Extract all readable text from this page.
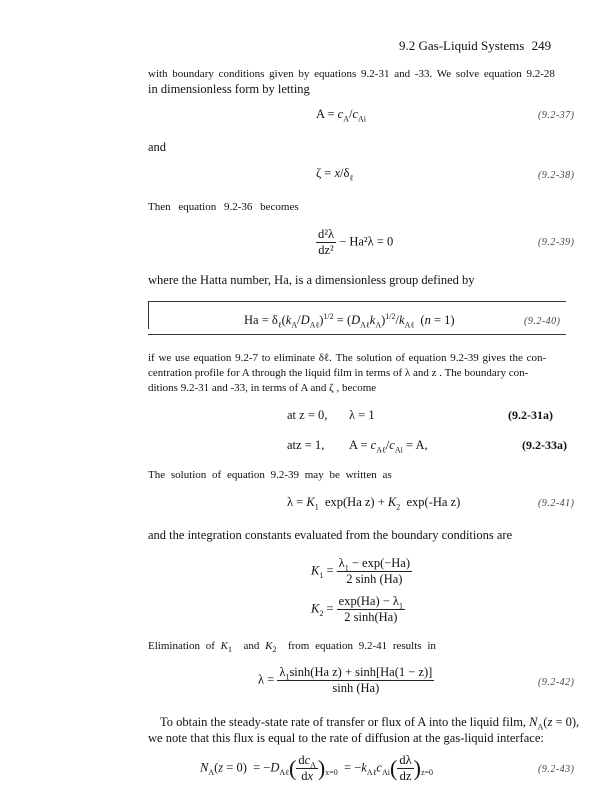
9.2 Gas-Liquid Systems 249
with boundary conditions given by equations 9.2-31 and -33. We solve equation 9.2-28
in dimensionless form by letting
$A = c_A/c_{Ai}$	(9.2-37)
and
$\zeta = x/\delta_\ell$	(9.2-38)
Then equation 9.2-36 becomes
$\frac{\text{d²λ}}{\text{dz²}} - Ha^2\lambda = 0$	(9.2-39)
where the Hatta number, Ha, is a dimensionless group defined by
$Ha = \delta_\ell(k_A/D_{A\ell})^{1/2} = (D_{A\ell}k_A)^{1/2}/k_{A\ell}$  (n = 1)	(9.2-40)
if we use equation 9.2-7 to eliminate δℓ. The solution of equation 9.2-39 gives the con-
centration profile for A through the liquid film in terms of λ and z . The boundary con-
ditions 9.2-31 and -33, in terms of A and ζ , become
at z = 0, λ = 1	(9.2-31a)
atz = 1, $A = c_{A\ell}/c_{Ai} = A$,	(9.2-33a)
The solution of equation 9.2-39 may be written as
$\lambda = K_1$  exp(Ha $z) + K_2$  exp(-Ha z)	(9.2-41)
and the integration constants evaluated from the boundary conditions are
$K_1 = \frac{\lambda_1 - \exp(-Ha)}{2 \sinh (Ha)}$
$K_2 = \frac{\exp(Ha) - \lambda_1}{2 \sinh(Ha)}$
Elimination of $K_1$  and $K_2$  from equation 9.2-41 results in
$\lambda = \frac{\lambda_1\sinh(Ha z) + \sinh[Ha(1 - z)]}{\sinh (Ha)}$	(9.2-42)
To obtain the steady-state rate of transfer or flux of A into the liquid film, $N_A(z = 0)$,
we note that this flux is equal to the rate of diffusion at the gas-liquid interface:
$N_A(z = 0) = -D_{A\ell}( \frac{dc_A}{dx} )_{x=0} = -k_{A\ell}c_{Ai}( \frac{d\lambda}{dz} )_{z=0}$	(9.2-43)
